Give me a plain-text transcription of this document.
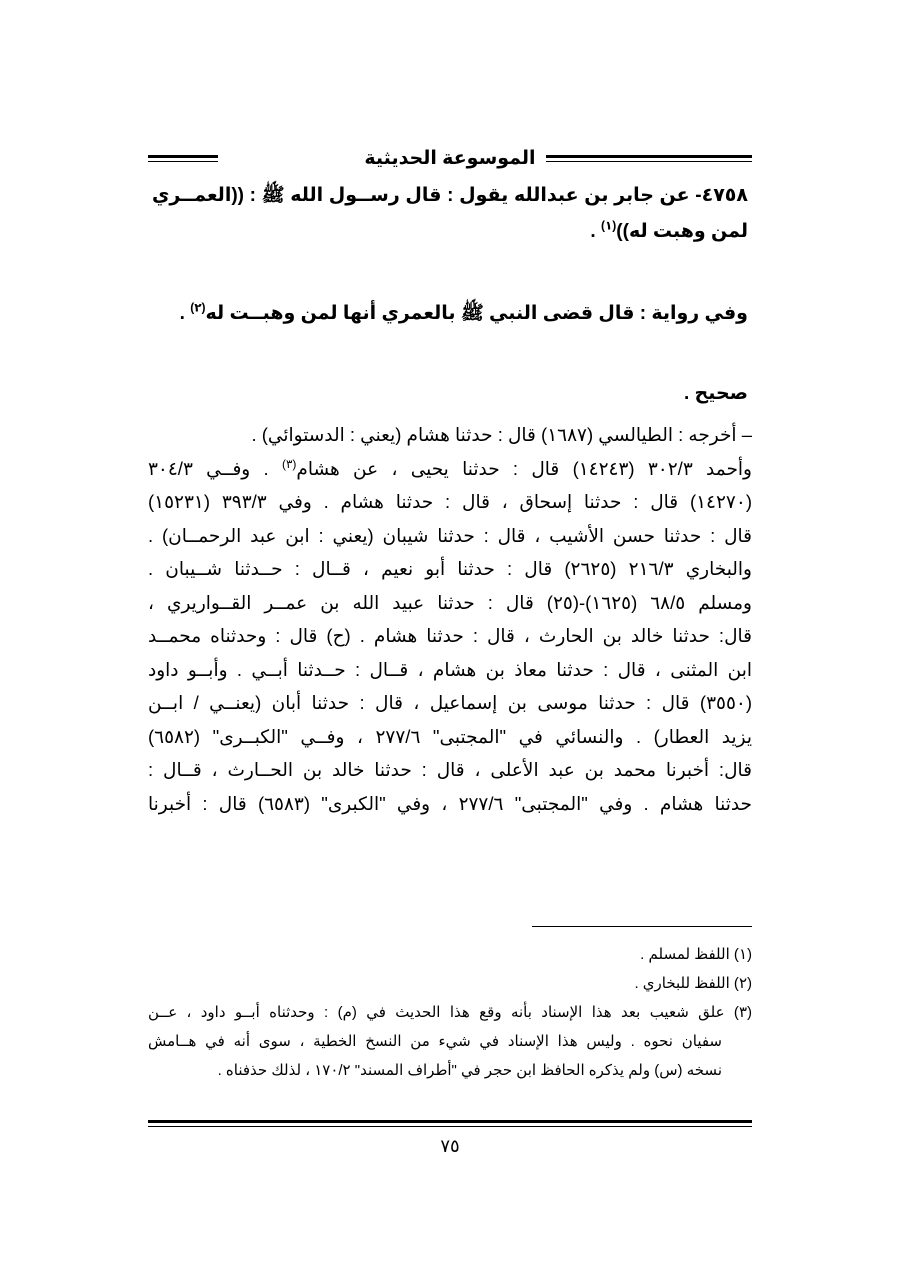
الموسوعة الحديثية
٤٧٥٨- عن جابر بن عبدالله يقول : قال رســول الله ﷺ : ((العمــري لمن وهبت له))$^{(١)}$ .
وفي رواية : قال قضى النبي ﷺ بالعمري أنها لمن وهبــت له$^{(٢)}$ .
صحيح .
– أخرجه : الطيالسي (١٦٨٧) قال : حدثنا هشام (يعني : الدستوائي) .
وأحمد ٣٠٢/٣ (١٤٢٤٣) قال : حدثنا يحيى ، عن هشام$^{(٣)}$ . وفــي ٣٠٤/٣
(١٤٢٧٠) قال : حدثنا إسحاق ، قال : حدثنا هشام . وفي ٣٩٣/٣ (١٥٢٣١)
قال : حدثنا حسن الأشيب ، قال : حدثنا شيبان (يعني : ابن عبد الرحمــان) .
والبخاري ٢١٦/٣ (٢٦٢٥) قال : حدثنا أبو نعيم ، قــال : حــدثنا شــيبان .
ومسلم ٦٨/٥ (١٦٢٥)-(٢٥) قال : حدثنا عبيد الله بن عمــر القــواريري ،
قال: حدثنا خالد بن الحارث ، قال : حدثنا هشام . (ح) قال : وحدثناه محمــد
ابن المثنى ، قال : حدثنا معاذ بن هشام ، قــال : حــدثنا أبــي . وأبــو داود
(٣٥٥٠) قال : حدثنا موسى بن إسماعيل ، قال : حدثنا أبان (يعنــي / ابــن
يزيد العطار) . والنسائي في "المجتبى" ٢٧٧/٦ ، وفــي "الكبــرى" (٦٥٨٢)
قال: أخبرنا محمد بن عبد الأعلى ، قال : حدثنا خالد بن الحــارث ، قــال :
حدثنا هشام . وفي "المجتبى" ٢٧٧/٦ ، وفي "الكبرى" (٦٥٨٣) قال : أخبرنا
(١) اللفظ لمسلم .
(٢) اللفظ للبخاري .
(٣) علق شعيب بعد هذا الإسناد بأنه وقع هذا الحديث في (م) : وحدثناه أبــو داود ، عــن
سفيان نحوه . وليس هذا الإسناد في شيء من النسخ الخطية ، سوى أنه في هــامش
نسخه (س) ولم يذكره الحافظ ابن حجر في "أطراف المسند" ١٧٠/٢ ، لذلك حذفناه .
٧٥
